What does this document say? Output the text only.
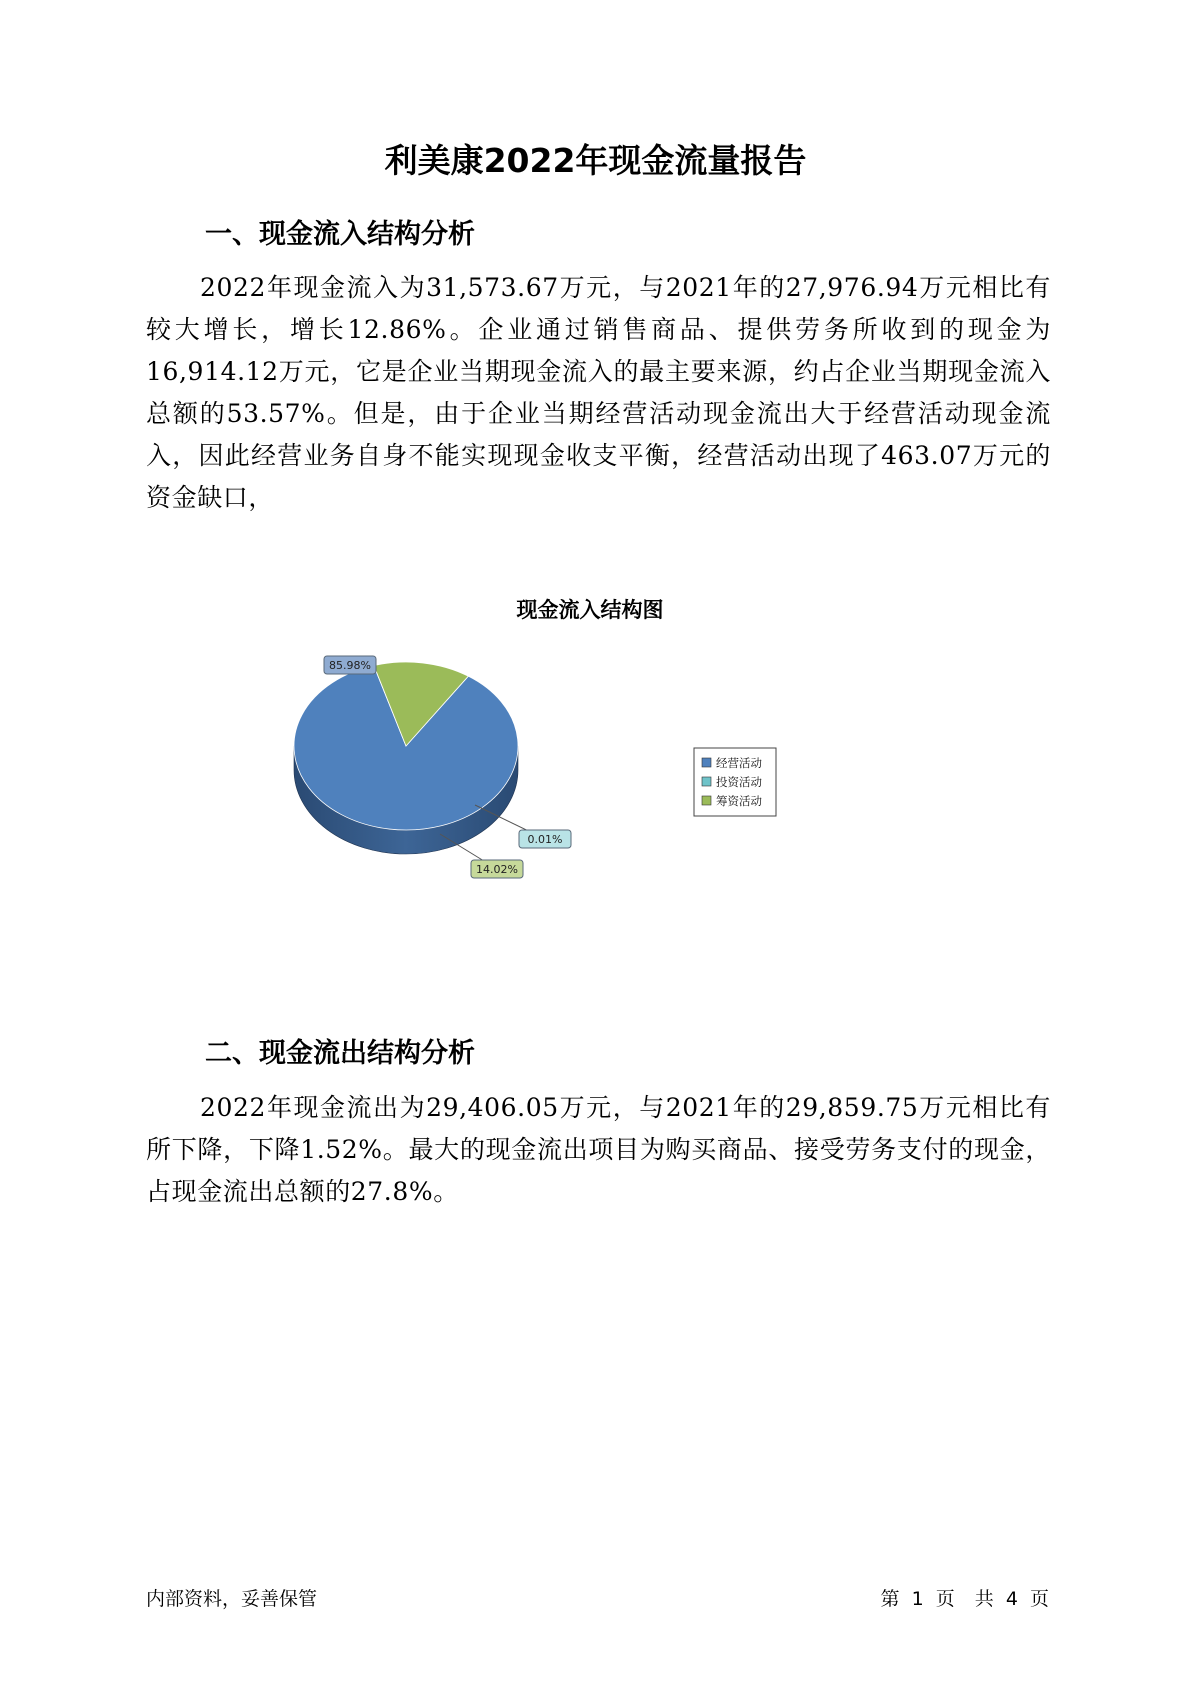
利美康2022年现金流量报告
一、现金流入结构分析

2022年现金流入为31,573.67万元，与2021年的27,976.94万元相比有较大增长，增长12.86%。企业通过销售商品、提供劳务所收到的现金为16,914.12万元，它是企业当期现金流入的最主要来源，约占企业当期现金流入总额的53.57%。但是，由于企业当期经营活动现金流出大于经营活动现金流入，因此经营业务自身不能实现现金收支平衡，经营活动出现了463.07万元的资金缺口，

现金流入结构图
85.98%
0.01%
14.02%
经营活动
投资活动
筹资活动
二、现金流出结构分析

2022年现金流出为29,406.05万元，与2021年的29,859.75万元相比有所下降，下降1.52%。最大的现金流出项目为购买商品、接受劳务支付的现金，占现金流出总额的27.8%。

内部资料，妥善保管	第 1 页 共 4 页
